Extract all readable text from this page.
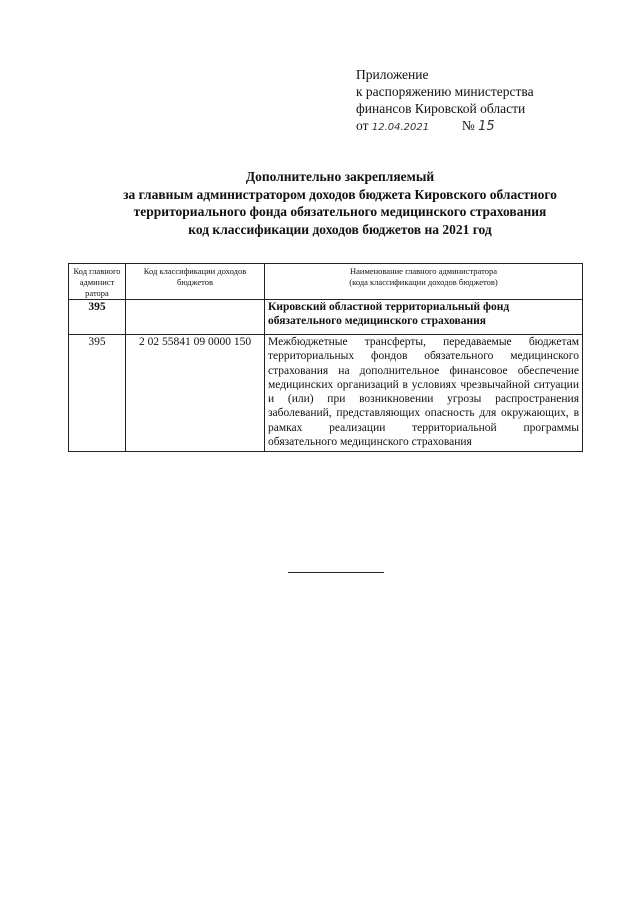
Приложение
к распоряжению министерства
финансов Кировской области
от 12.04.2021 № 15
Дополнительно закрепляемый
за главным администратором доходов бюджета Кировского областного
территориального фонда обязательного медицинского страхования
код классификации доходов бюджетов на 2021 год
Код главного админист ратора	Код классификации доходов бюджетов	Наименование главного администратора
(кода классификации доходов бюджетов)

395		Кировский областной территориальный фонд обязательного медицинского страхования
395	2 02 55841 09 0000 150	Межбюджетные трансферты, передаваемые бюджетам территориальных фондов обязательного медицинского страхования на дополнительное финансовое обеспечение медицинских организаций в условиях чрезвычайной ситуации и (или) при возникновении угрозы распространения заболеваний, представляющих опасность для окружающих, в рамках реализации территориальной программы обязательного медицинского страхования
